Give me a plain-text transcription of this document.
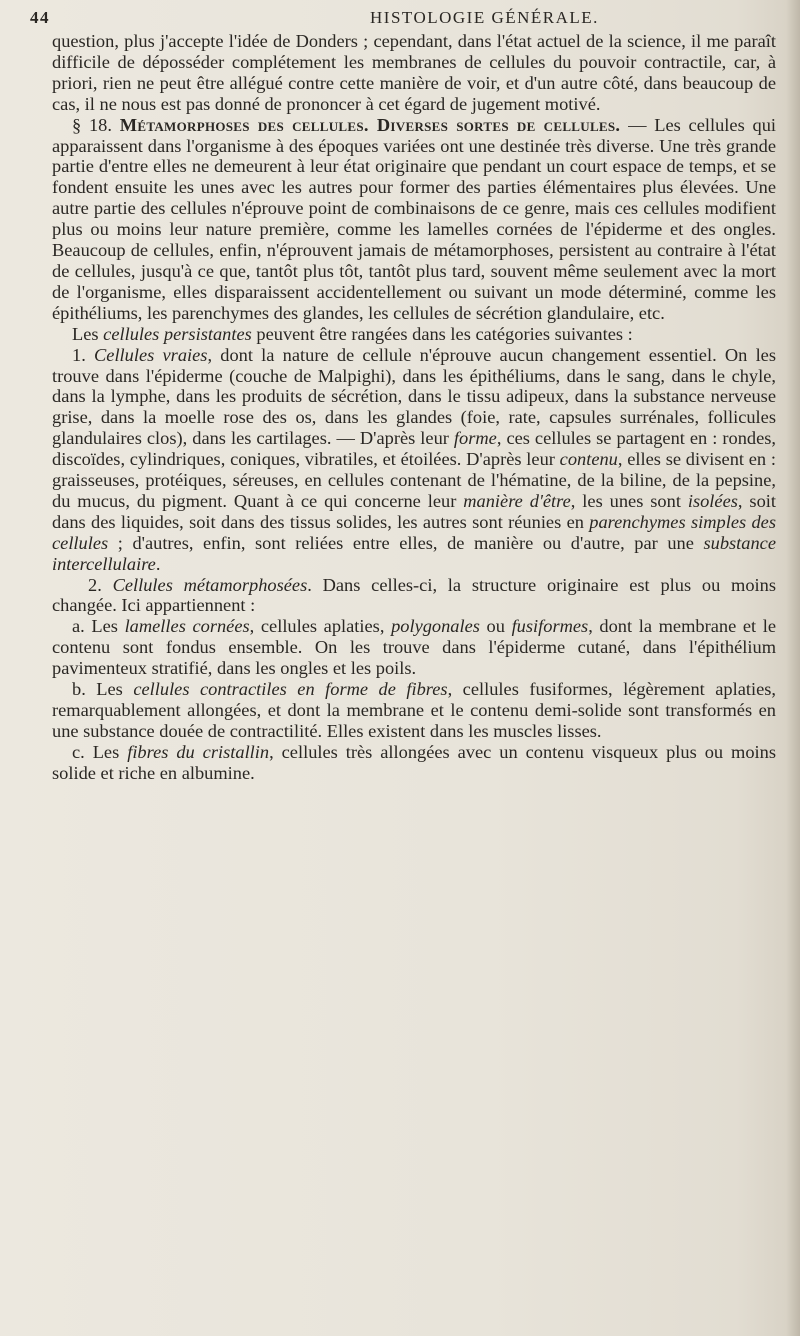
44	HISTOLOGIE GÉNÉRALE.

question, plus j'accepte l'idée de Donders ; cependant, dans l'état actuel de la science, il me paraît difficile de déposséder complétement les membranes de cellules du pouvoir contractile, car, à priori, rien ne peut être allégué contre cette manière de voir, et d'un autre côté, dans beaucoup de cas, il ne nous est pas donné de prononcer à cet égard de jugement motivé.

§ 18. Métamorphoses des cellules. Diverses sortes de cellules. — Les cellules qui apparaissent dans l'organisme à des époques variées ont une destinée très diverse. Une très grande partie d'entre elles ne demeurent à leur état originaire que pendant un court espace de temps, et se fondent ensuite les unes avec les autres pour former des parties élémentaires plus élevées. Une autre partie des cellules n'éprouve point de combinaisons de ce genre, mais ces cellules modifient plus ou moins leur nature première, comme les lamelles cornées de l'épiderme et des ongles. Beaucoup de cellules, enfin, n'éprouvent jamais de métamorphoses, persistent au contraire à l'état de cellules, jusqu'à ce que, tantôt plus tôt, tantôt plus tard, souvent même seulement avec la mort de l'organisme, elles disparaissent accidentellement ou suivant un mode déterminé, comme les épithéliums, les parenchymes des glandes, les cellules de sécrétion glandulaire, etc.

Les cellules persistantes peuvent être rangées dans les catégories suivantes :

1. Cellules vraies, dont la nature de cellule n'éprouve aucun changement essentiel. On les trouve dans l'épiderme (couche de Malpighi), dans les épithéliums, dans le sang, dans le chyle, dans la lymphe, dans les produits de sécrétion, dans le tissu adipeux, dans la substance nerveuse grise, dans la moelle rose des os, dans les glandes (foie, rate, capsules surrénales, follicules glandulaires clos), dans les cartilages. — D'après leur forme, ces cellules se partagent en : rondes, discoïdes, cylindriques, coniques, vibratiles, et étoilées. D'après leur contenu, elles se divisent en : graisseuses, protéiques, séreuses, en cellules contenant de l'hématine, de la biline, de la pepsine, du mucus, du pigment. Quant à ce qui concerne leur manière d'être, les unes sont isolées, soit dans des liquides, soit dans des tissus solides, les autres sont réunies en parenchymes simples des cellules ; d'autres, enfin, sont reliées entre elles, de manière ou d'autre, par une substance intercellulaire.

2. Cellules métamorphosées. Dans celles-ci, la structure originaire est plus ou moins changée. Ici appartiennent :

a. Les lamelles cornées, cellules aplaties, polygonales ou fusiformes, dont la membrane et le contenu sont fondus ensemble. On les trouve dans l'épiderme cutané, dans l'épithélium pavimenteux stratifié, dans les ongles et les poils.

b. Les cellules contractiles en forme de fibres, cellules fusiformes, légèrement aplaties, remarquablement allongées, et dont la membrane et le contenu demi-solide sont transformés en une substance douée de contractilité. Elles existent dans les muscles lisses.

c. Les fibres du cristallin, cellules très allongées avec un contenu visqueux plus ou moins solide et riche en albumine.
